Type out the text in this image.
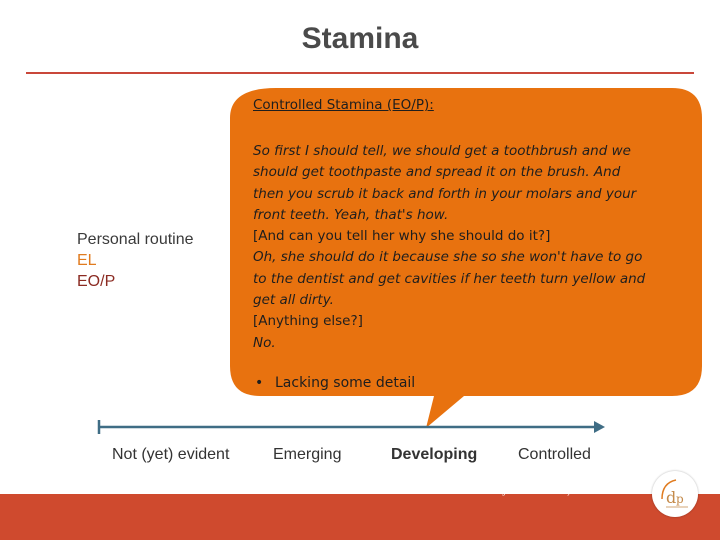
Stamina
Personal routine
EL
EO/P
Controlled Stamina (EO/P):
So first I should tell, we should get a toothbrush and we
should get toothpaste and spread it on the brush. And
then you scrub it back and forth in your molars and your
front teeth. Yeah, that's how.
[And can you tell her why she should do it?]
Oh, she should do it because she so she won't have to go
to the dentist and get cavities if her teeth turn yellow and
get all dirty.
[Anything else?]
No.
• Lacking some detail
Not (yet) evident	Emerging	Developing	Controlled
© 2015 The Regents of the University of California	d p
